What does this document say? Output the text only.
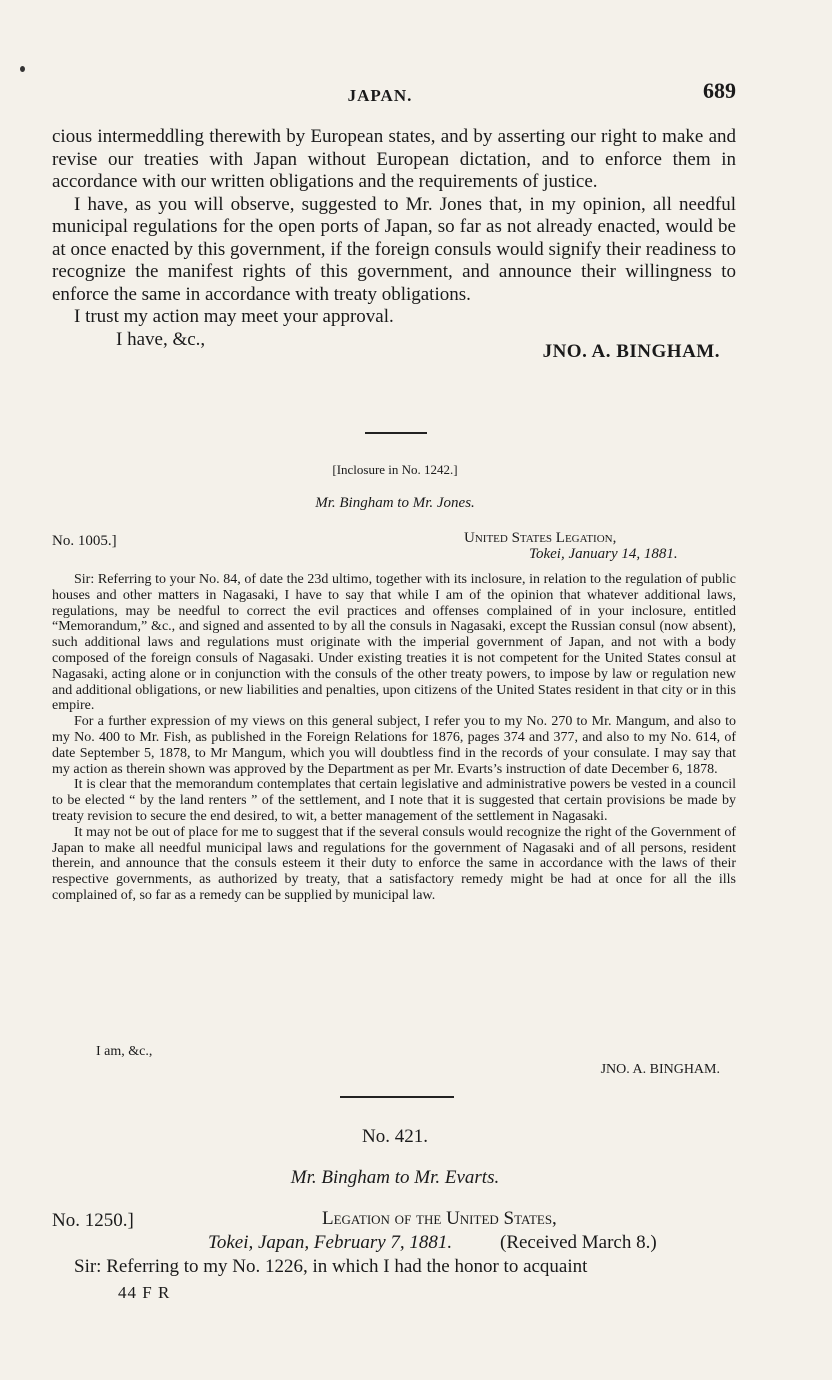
JAPAN.	689

cious intermeddling therewith by European states, and by asserting our right to make and revise our treaties with Japan without European dictation, and to enforce them in accordance with our written obligations and the requirements of justice.

I have, as you will observe, suggested to Mr. Jones that, in my opinion, all needful municipal regulations for the open ports of Japan, so far as not already enacted, would be at once enacted by this government, if the foreign consuls would signify their readiness to recognize the manifest rights of this government, and announce their willingness to enforce the same in accordance with treaty obligations.

I trust my action may meet your approval.

I have, &c.,
JNO. A. BINGHAM.
[Inclosure in No. 1242.]
Mr. Bingham to Mr. Jones.
No. 1005.]	United States Legation,
Tokei, January 14, 1881.

Sir: Referring to your No. 84, of date the 23d ultimo, together with its inclosure, in relation to the regulation of public houses and other matters in Nagasaki, I have to say that while I am of the opinion that whatever additional laws, regulations, may be needful to correct the evil practices and offenses complained of in your inclosure, entitled “Memorandum,” &c., and signed and assented to by all the consuls in Nagasaki, except the Russian consul (now absent), such additional laws and regulations must originate with the imperial government of Japan, and not with a body composed of the foreign consuls of Nagasaki. Under existing treaties it is not competent for the United States consul at Nagasaki, acting alone or in conjunction with the consuls of the other treaty powers, to impose by law or regulation new and additional obligations, or new liabilities and penalties, upon citizens of the United States resident in that city or in this empire.

For a further expression of my views on this general subject, I refer you to my No. 270 to Mr. Mangum, and also to my No. 400 to Mr. Fish, as published in the Foreign Relations for 1876, pages 374 and 377, and also to my No. 614, of date September 5, 1878, to Mr Mangum, which you will doubtless find in the records of your consulate. I may say that my action as therein shown was approved by the Department as per Mr. Evarts’s instruction of date December 6, 1878.

It is clear that the memorandum contemplates that certain legislative and administrative powers be vested in a council to be elected “ by the land renters ” of the settlement, and I note that it is suggested that certain provisions be made by treaty revision to secure the end desired, to wit, a better management of the settlement in Nagasaki.

It may not be out of place for me to suggest that if the several consuls would recognize the right of the Government of Japan to make all needful municipal laws and regulations for the government of Nagasaki and of all persons, resident therein, and announce that the consuls esteem it their duty to enforce the same in accordance with the laws of their respective governments, as authorized by treaty, that a satisfactory remedy might be had at once for all the ills complained of, so far as a remedy can be supplied by municipal law.

I am, &c.,
JNO. A. BINGHAM.
No. 421.
Mr. Bingham to Mr. Evarts.
No. 1250.]	Legation of the United States,
Tokei, Japan, February 7, 1881.	(Received March 8.)
Sir: Referring to my No. 1226, in which I had the honor to acquaint
44 F R
